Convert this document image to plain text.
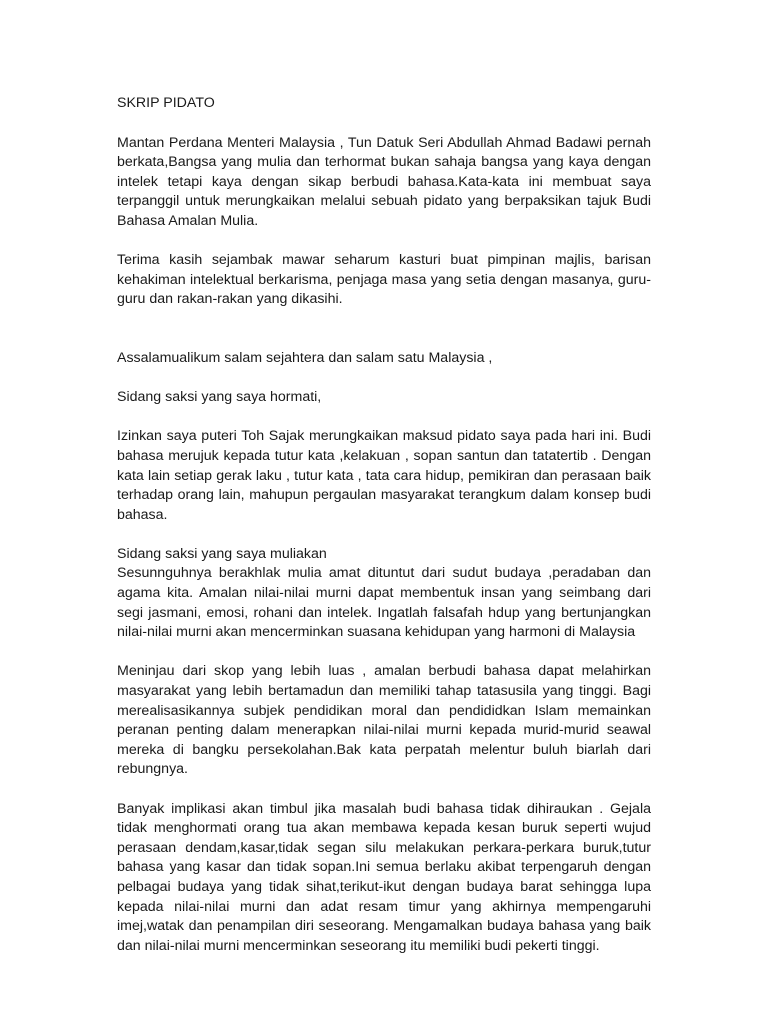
SKRIP PIDATO

Mantan Perdana Menteri Malaysia , Tun Datuk Seri Abdullah Ahmad Badawi pernah berkata,Bangsa yang mulia dan terhormat bukan sahaja bangsa yang kaya dengan intelek tetapi kaya dengan sikap berbudi bahasa.Kata-kata ini membuat saya terpanggil untuk merungkaikan melalui sebuah pidato yang berpaksikan tajuk Budi Bahasa Amalan Mulia.

Terima kasih sejambak mawar seharum kasturi buat pimpinan majlis, barisan kehakiman intelektual berkarisma, penjaga masa yang setia dengan masanya, guru-guru dan rakan-rakan yang dikasihi.

Assalamualikum salam sejahtera dan salam satu Malaysia ,

Sidang saksi yang saya hormati,

Izinkan saya puteri Toh Sajak merungkaikan maksud pidato saya pada hari ini. Budi bahasa merujuk kepada tutur kata ,kelakuan , sopan santun dan tatatertib . Dengan kata lain setiap gerak laku , tutur kata , tata cara hidup, pemikiran dan perasaan baik terhadap orang lain, mahupun pergaulan masyarakat terangkum dalam konsep budi bahasa.

Sidang saksi yang saya muliakan

Sesunnguhnya berakhlak mulia amat dituntut dari sudut budaya ,peradaban dan agama kita. Amalan nilai-nilai murni dapat membentuk insan yang seimbang dari segi jasmani, emosi, rohani dan intelek. Ingatlah falsafah hdup yang bertunjangkan nilai-nilai murni akan mencerminkan suasana kehidupan yang harmoni di Malaysia

Meninjau dari skop yang lebih luas , amalan berbudi bahasa dapat melahirkan masyarakat yang lebih bertamadun dan memiliki tahap tatasusila yang tinggi. Bagi merealisasikannya subjek pendidikan moral dan pendididkan Islam memainkan peranan penting dalam menerapkan nilai-nilai murni kepada murid-murid seawal mereka di bangku persekolahan.Bak kata perpatah melentur buluh biarlah dari rebungnya.

Banyak implikasi akan timbul jika masalah budi bahasa tidak dihiraukan . Gejala tidak menghormati orang tua akan membawa kepada kesan buruk seperti wujud perasaan dendam,kasar,tidak segan silu melakukan perkara-perkara buruk,tutur bahasa yang kasar dan tidak sopan.Ini semua berlaku akibat terpengaruh dengan pelbagai budaya yang tidak sihat,terikut-ikut dengan budaya barat sehingga lupa kepada nilai-nilai murni dan adat resam timur yang akhirnya mempengaruhi imej,watak dan penampilan diri seseorang. Mengamalkan budaya bahasa yang baik dan nilai-nilai murni mencerminkan seseorang itu memiliki budi pekerti tinggi.
